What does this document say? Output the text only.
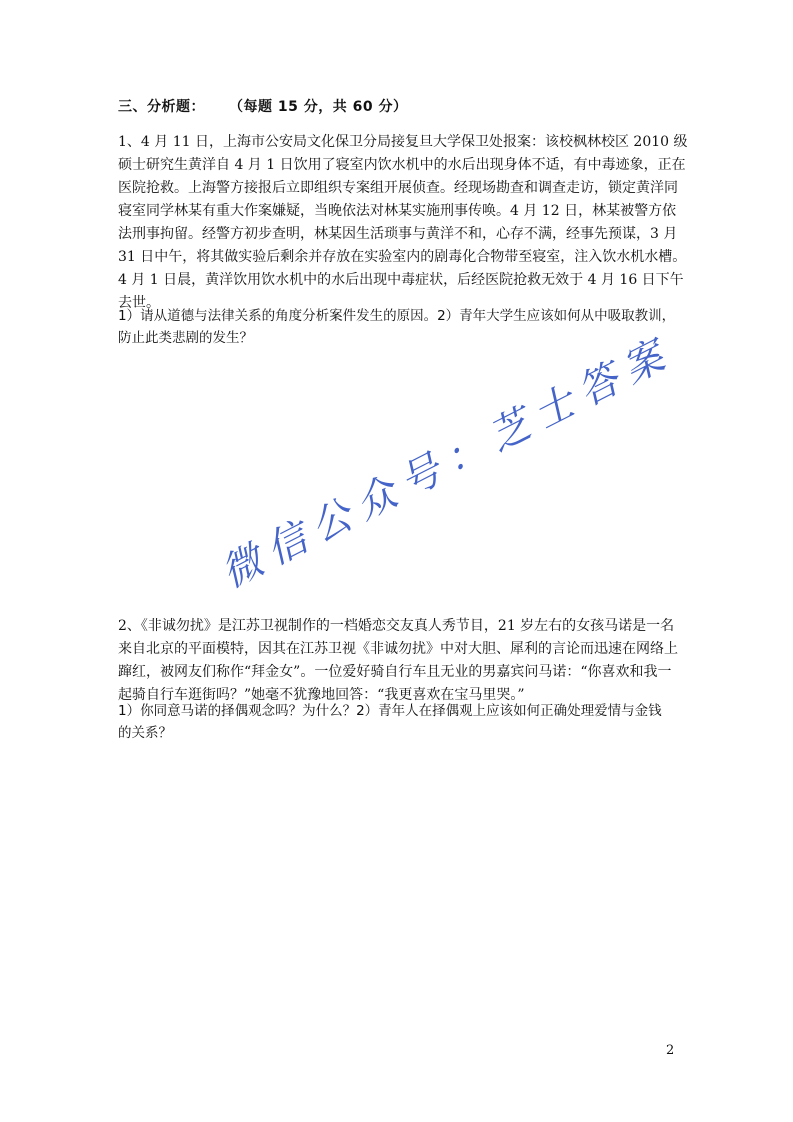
三、分析题： （每题 15 分，共 60 分）
1、4 月 11 日，上海市公安局文化保卫分局接复旦大学保卫处报案：该校枫林校区 2010 级
硕士研究生黄洋自 4 月 1 日饮用了寝室内饮水机中的水后出现身体不适，有中毒迹象，正在
医院抢救。上海警方接报后立即组织专案组开展侦查。经现场勘查和调查走访，锁定黄洋同
寝室同学林某有重大作案嫌疑，当晚依法对林某实施刑事传唤。4 月 12 日，林某被警方依
法刑事拘留。经警方初步查明，林某因生活琐事与黄洋不和，心存不满，经事先预谋，3 月
31 日中午，将其做实验后剩余并存放在实验室内的剧毒化合物带至寝室，注入饮水机水槽。
4 月 1 日晨，黄洋饮用饮水机中的水后出现中毒症状，后经医院抢救无效于 4 月 16 日下午
去世。
1）请从道德与法律关系的角度分析案件发生的原因。2）青年大学生应该如何从中吸取教训，
防止此类悲剧的发生？
微信公众号：芝士答案
2、《非诚勿扰》是江苏卫视制作的一档婚恋交友真人秀节目，21 岁左右的女孩马诺是一名
来自北京的平面模特，因其在江苏卫视《非诚勿扰》中对大胆、犀利的言论而迅速在网络上
蹿红，被网友们称作“拜金女”。一位爱好骑自行车且无业的男嘉宾问马诺：“你喜欢和我一
起骑自行车逛街吗？”她毫不犹豫地回答：“我更喜欢在宝马里哭。”
1）你同意马诺的择偶观念吗？为什么？2）青年人在择偶观上应该如何正确处理爱情与金钱
的关系？
2
